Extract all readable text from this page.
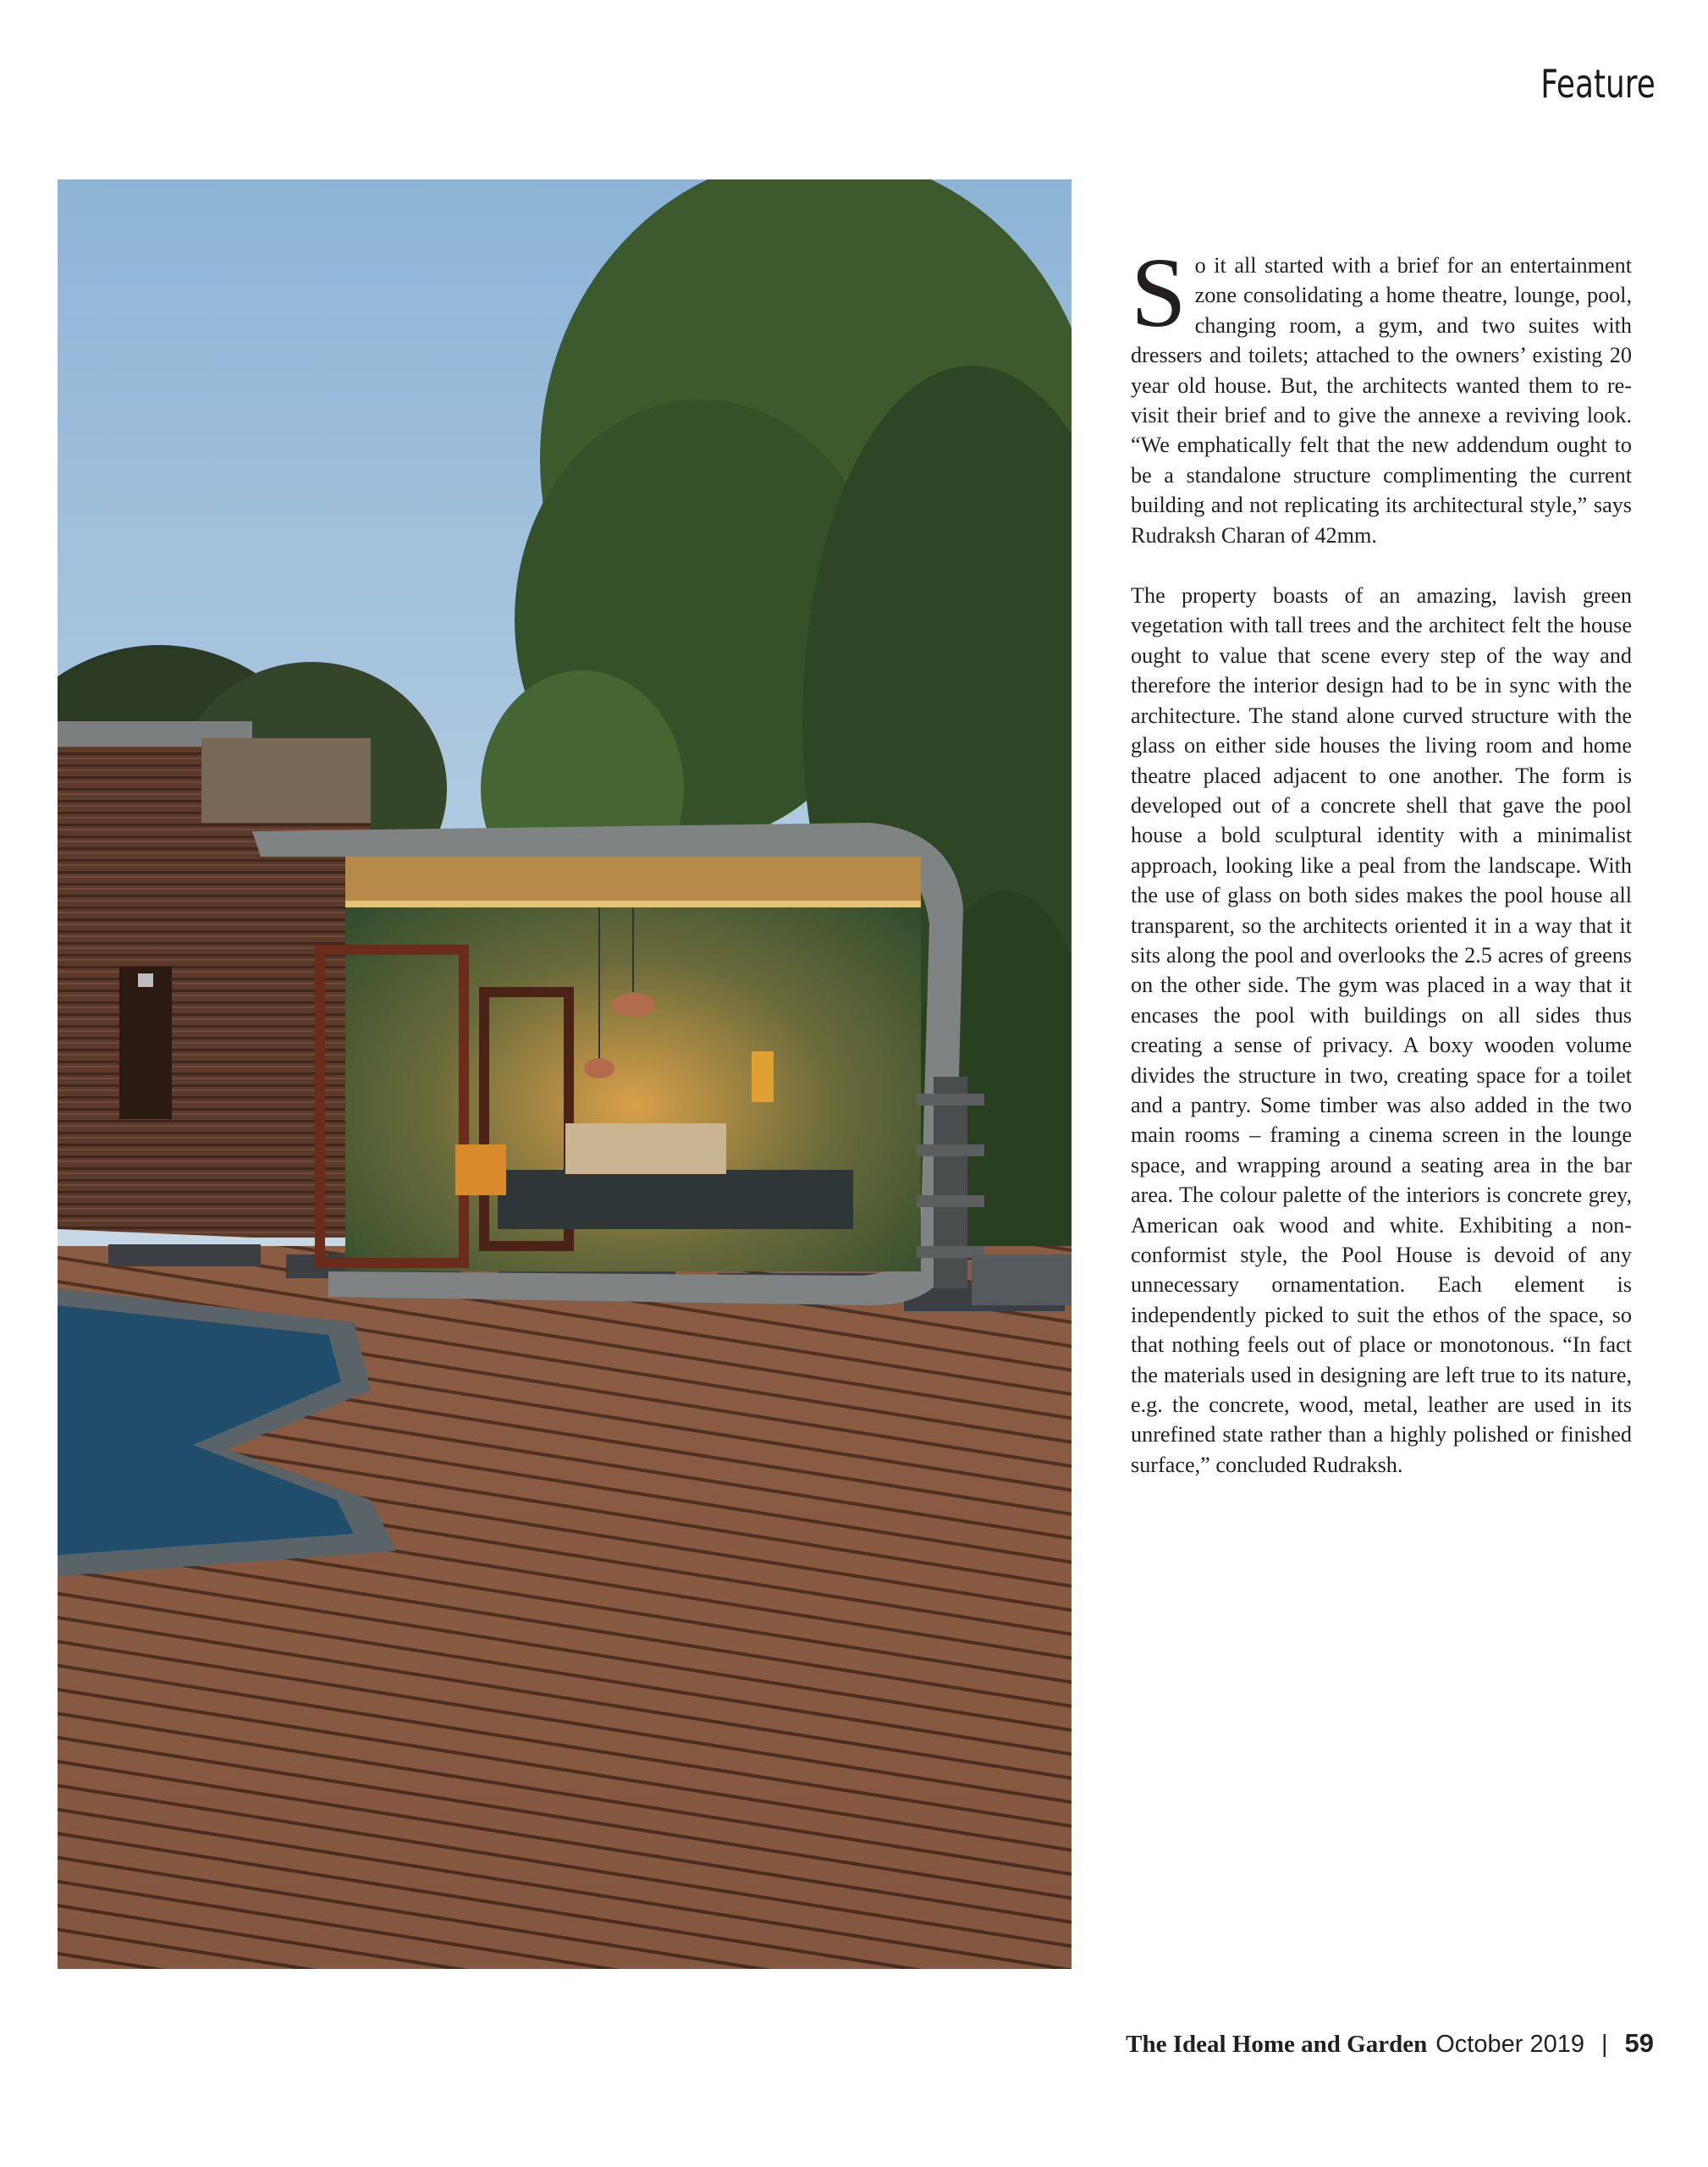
Feature

So it all started with a brief for an entertainment zone consolidating a home theatre, lounge, pool, changing room, a gym, and two suites with dressers and toilets; attached to the owners’ existing 20 year old house. But, the architects wanted them to re-visit their brief and to give the annexe a reviving look. “We emphatically felt that the new addendum ought to be a standalone structure complimenting the current building and not replicating its architectural style,” says Rudraksh Charan of 42mm.

The property boasts of an amazing, lavish green vegetation with tall trees and the architect felt the house ought to value that scene every step of the way and therefore the interior design had to be in sync with the architecture. The stand alone curved structure with the glass on either side houses the living room and home theatre placed adjacent to one another. The form is developed out of a concrete shell that gave the pool house a bold sculptural identity with a minimalist approach, looking like a peal from the landscape. With the use of glass on both sides makes the pool house all transparent, so the architects oriented it in a way that it sits along the pool and overlooks the 2.5 acres of greens on the other side. The gym was placed in a way that it encases the pool with buildings on all sides thus creating a sense of privacy. A boxy wooden volume divides the structure in two, creating space for a toilet and a pantry. Some timber was also added in the two main rooms – framing a cinema screen in the lounge space, and wrapping around a seating area in the bar area. The colour palette of the interiors is concrete grey, American oak wood and white. Exhibiting a non-conformist style, the Pool House is devoid of any unnecessary ornamentation. Each element is independently picked to suit the ethos of the space, so that nothing feels out of place or monotonous. “In fact the materials used in designing are left true to its nature, e.g. the concrete, wood, metal, leather are used in its unrefined state rather than a highly polished or finished surface,” concluded Rudraksh.

The Ideal Home and Garden October 2019 | 59
